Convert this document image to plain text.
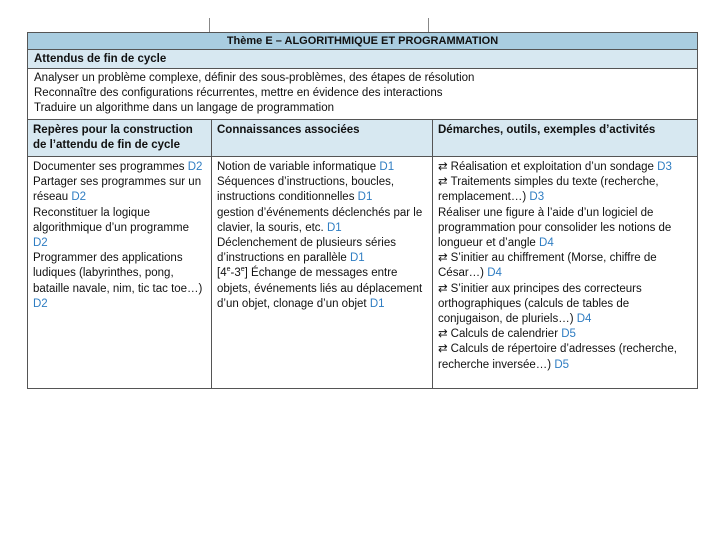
Thème E – ALGORITHMIQUE ET PROGRAMMATION
Attendus de fin de cycle
Analyser un problème complexe, définir des sous-problèmes, des étapes de résolution
Reconnaître des configurations récurrentes, mettre en évidence des interactions
Traduire un algorithme dans un langage de programmation
Repères pour la construction de l’attendu de fin de cycle
Connaissances associées	Démarches, outils, exemples d’activités
Documenter ses programmes D2
Partager ses programmes sur un réseau D2
Reconstituer la logique algorithmique d’un programme D2
Programmer des applications ludiques (labyrinthes, pong, bataille navale, nim, tic tac toe…) D2
Notion de variable informatique D1
Séquences d’instructions, boucles, instructions conditionnelles D1
gestion d’événements déclenchés par le clavier, la souris, etc. D1
Déclenchement de plusieurs séries d’instructions en parallèle D1
[4e-3e] Échange de messages entre objets, événements liés au déplacement d’un objet, clonage d’un objet D1
⇄ Réalisation et exploitation d’un sondage D3
⇄ Traitements simples du texte (recherche, remplacement…) D3
Réaliser une figure à l’aide d’un logiciel de programmation pour consolider les notions de longueur et d’angle D4
⇄ S’initier au chiffrement (Morse, chiffre de César…) D4
⇄ S’initier aux principes des correcteurs orthographiques (calculs de tables de conjugaison, de pluriels…) D4
⇄ Calculs de calendrier D5
⇄ Calculs de répertoire d’adresses (recherche, recherche inversée…) D5
